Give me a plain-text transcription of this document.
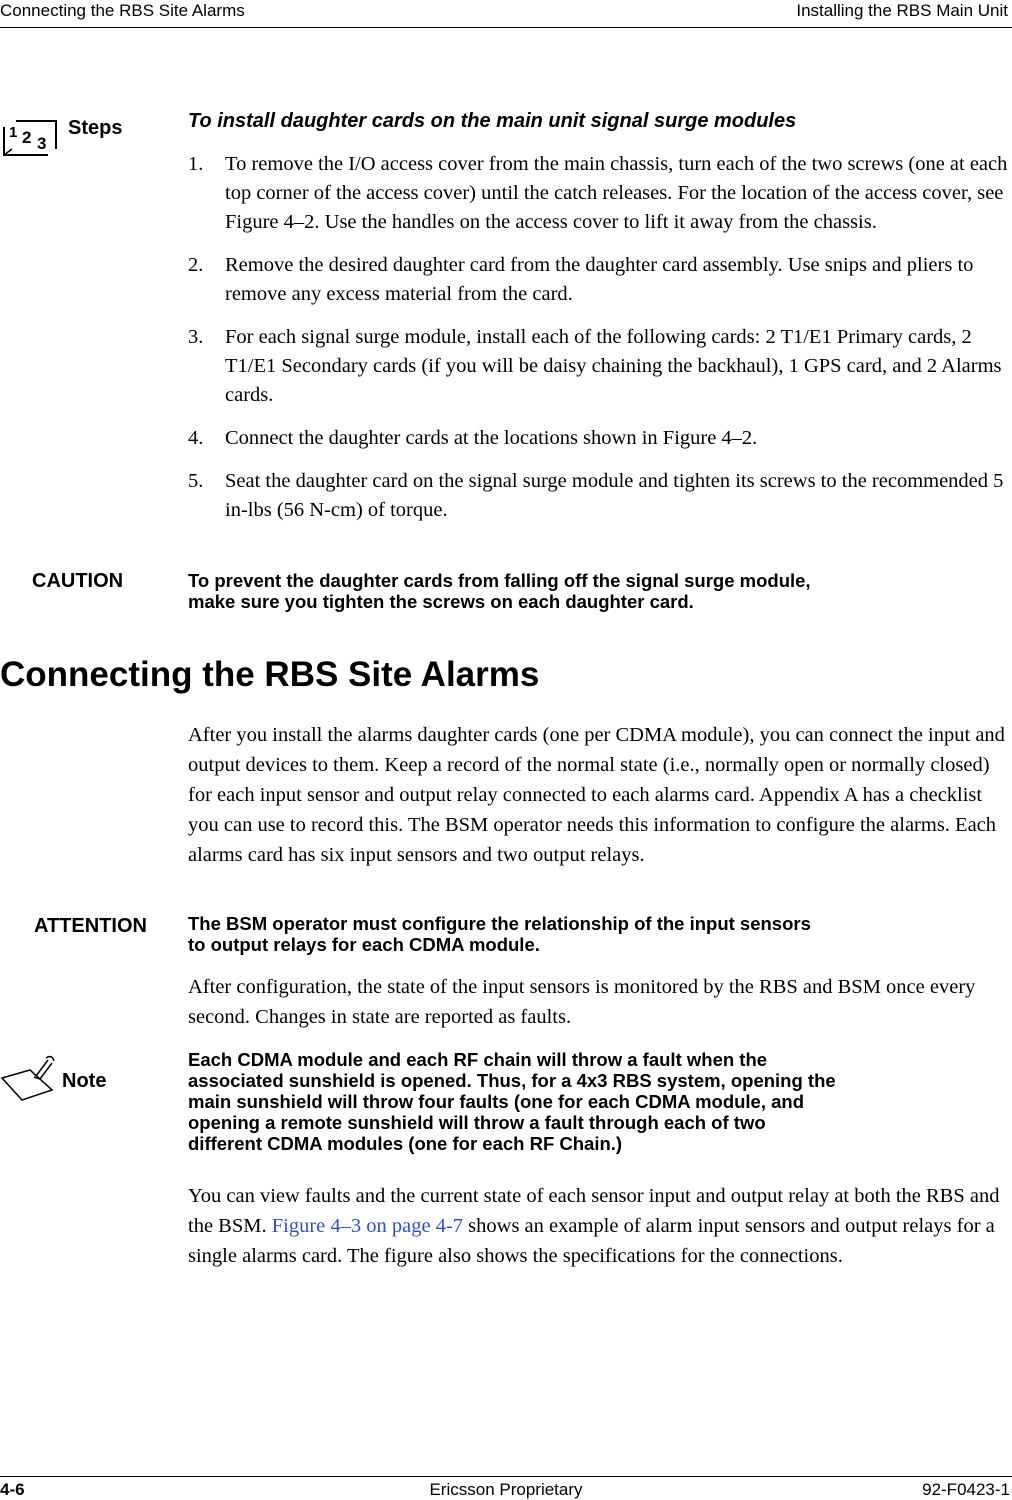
Connecting the RBS Site Alarms	Installing the RBS Main Unit
1 2 3
Steps	To install daughter cards on the main unit signal surge modules
1. To remove the I/O access cover from the main chassis, turn each of the two screws (one at each top corner of the access cover) until the catch releases. For the location of the access cover, see Figure 4–2. Use the handles on the access cover to lift it away from the chassis.
2. Remove the desired daughter card from the daughter card assembly. Use snips and pliers to remove any excess material from the card.
3. For each signal surge module, install each of the following cards: 2 T1/E1 Primary cards, 2 T1/E1 Secondary cards (if you will be daisy chaining the backhaul), 1 GPS card, and 2 Alarms cards.
4. Connect the daughter cards at the locations shown in Figure 4–2.
5. Seat the daughter card on the signal surge module and tighten its screws to the recommended 5 in-lbs (56 N-cm) of torque.
CAUTION	To prevent the daughter cards from falling off the signal surge module,
make sure you tighten the screws on each daughter card.
Connecting the RBS Site Alarms

After you install the alarms daughter cards (one per CDMA module), you can connect the input and output devices to them. Keep a record of the normal state (i.e., normally open or normally closed) for each input sensor and output relay connected to each alarms card. Appendix A has a checklist you can use to record this. The BSM operator needs this information to configure the alarms. Each alarms card has six input sensors and two output relays.

ATTENTION The BSM operator must configure the relationship of the input sensors
to output relays for each CDMA module.

After configuration, the state of the input sensors is monitored by the RBS and BSM once every second. Changes in state are reported as faults.

Note
Each CDMA module and each RF chain will throw a fault when the
associated sunshield is opened. Thus, for a 4x3 RBS system, opening the
main sunshield will throw four faults (one for each CDMA module, and
opening a remote sunshield will throw a fault through each of two
different CDMA modules (one for each RF Chain.)

You can view faults and the current state of each sensor input and output relay at both the RBS and the BSM. Figure 4–3 on page 4-7 shows an example of alarm input sensors and output relays for a single alarms card. The figure also shows the specifications for the connections.

4-6	Ericsson Proprietary	92-F0423-1
